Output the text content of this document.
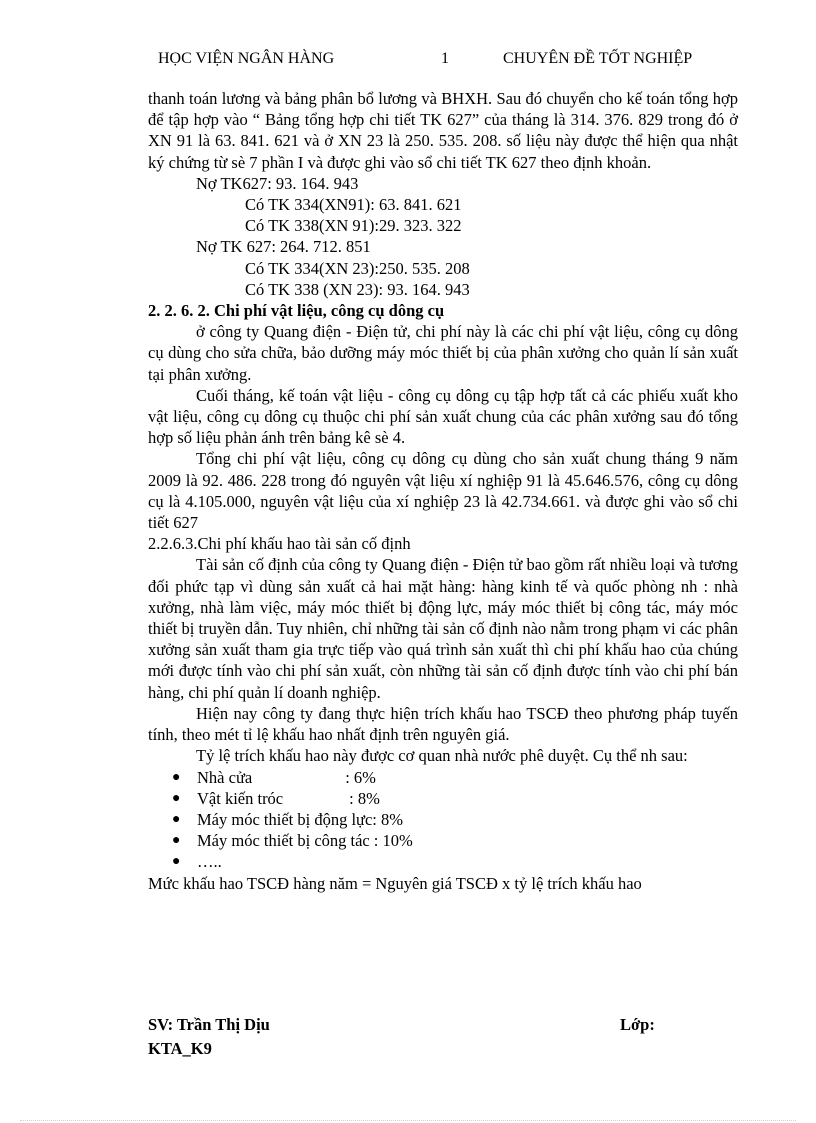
HỌC VIỆN NGÂN HÀNG	1	CHUYÊN ĐỀ TỐT NGHIỆP

thanh toán lương và bảng phân bổ lương và BHXH. Sau đó chuyển cho kế toán tổng hợp để tập hợp vào “ Bảng tổng hợp chi tiết TK 627” của tháng là 314. 376. 829 trong đó ở XN 91 là 63. 841. 621 và ở XN 23 là 250. 535. 208. số liệu này được thể hiện qua nhật ký chứng từ sè 7 phần I và được ghi vào sổ chi tiết TK 627 theo định khoản.

Nợ TK627: 93. 164. 943

Có TK 334(XN91): 63. 841. 621

Có TK 338(XN 91):29. 323. 322

Nợ TK 627: 264. 712. 851

Có TK 334(XN 23):250. 535. 208

Có TK 338 (XN 23): 93. 164. 943

2. 2. 6. 2. Chi phí vật liệu, công cụ dông cụ

ở công ty Quang điện - Điện tử, chi phí này là các chi phí vật liệu, công cụ dông cụ dùng cho sửa chữa, bảo dưỡng máy móc thiết bị của phân xưởng cho quản lí sản xuất tại phân xưởng.

Cuối tháng, kế toán vật liệu - công cụ dông cụ tập hợp tất cả các phiếu xuất kho vật liệu, công cụ dông cụ thuộc chi phí sản xuất chung của các phân xưởng sau đó tổng hợp số liệu phản ánh trên bảng kê sè 4.

Tổng chi phí vật liệu, công cụ dông cụ dùng cho sản xuất chung tháng 9 năm 2009 là 92. 486. 228 trong đó nguyên vật liệu xí nghiệp 91 là 45.646.576, công cụ dông cụ là 4.105.000, nguyên vật liệu của xí nghiệp 23 là 42.734.661. và được ghi vào sổ chi tiết 627

2.2.6.3.Chi phí khấu hao tài sản cố định

Tài sản cố định của công ty Quang điện - Điện tử bao gồm rất nhiều loại và tương đối phức tạp vì dùng sản xuất cả hai mặt hàng: hàng kinh tế và quốc phòng nh : nhà xưởng, nhà làm việc, máy móc thiết bị động lực, máy móc thiết bị công tác, máy móc thiết bị truyền dẫn. Tuy nhiên, chỉ những tài sản cố định nào nằm trong phạm vi các phân xưởng sản xuất tham gia trực tiếp vào quá trình sản xuất thì chi phí khấu hao của chúng mới được tính vào chi phí sản xuất, còn những tài sản cố định được tính vào chi phí bán hàng, chi phí quản lí doanh nghiệp.

Hiện nay công ty đang thực hiện trích khấu hao TSCĐ theo phương pháp tuyến tính, theo mét tỉ lệ khấu hao nhất định trên nguyên giá.

Tỷ lệ trích khấu hao này được cơ quan nhà nước phê duyệt. Cụ thể nh sau:

● Nhà cửa	: 6%
● Vật kiến tróc	: 8%
● Máy móc thiết bị động lực: 8%
● Máy móc thiết bị công tác : 10%
● …..

Mức khấu hao TSCĐ hàng năm = Nguyên giá TSCĐ x tỷ lệ trích khấu hao

SV: Trần Thị Dịu
KTA_K9
Lớp:
